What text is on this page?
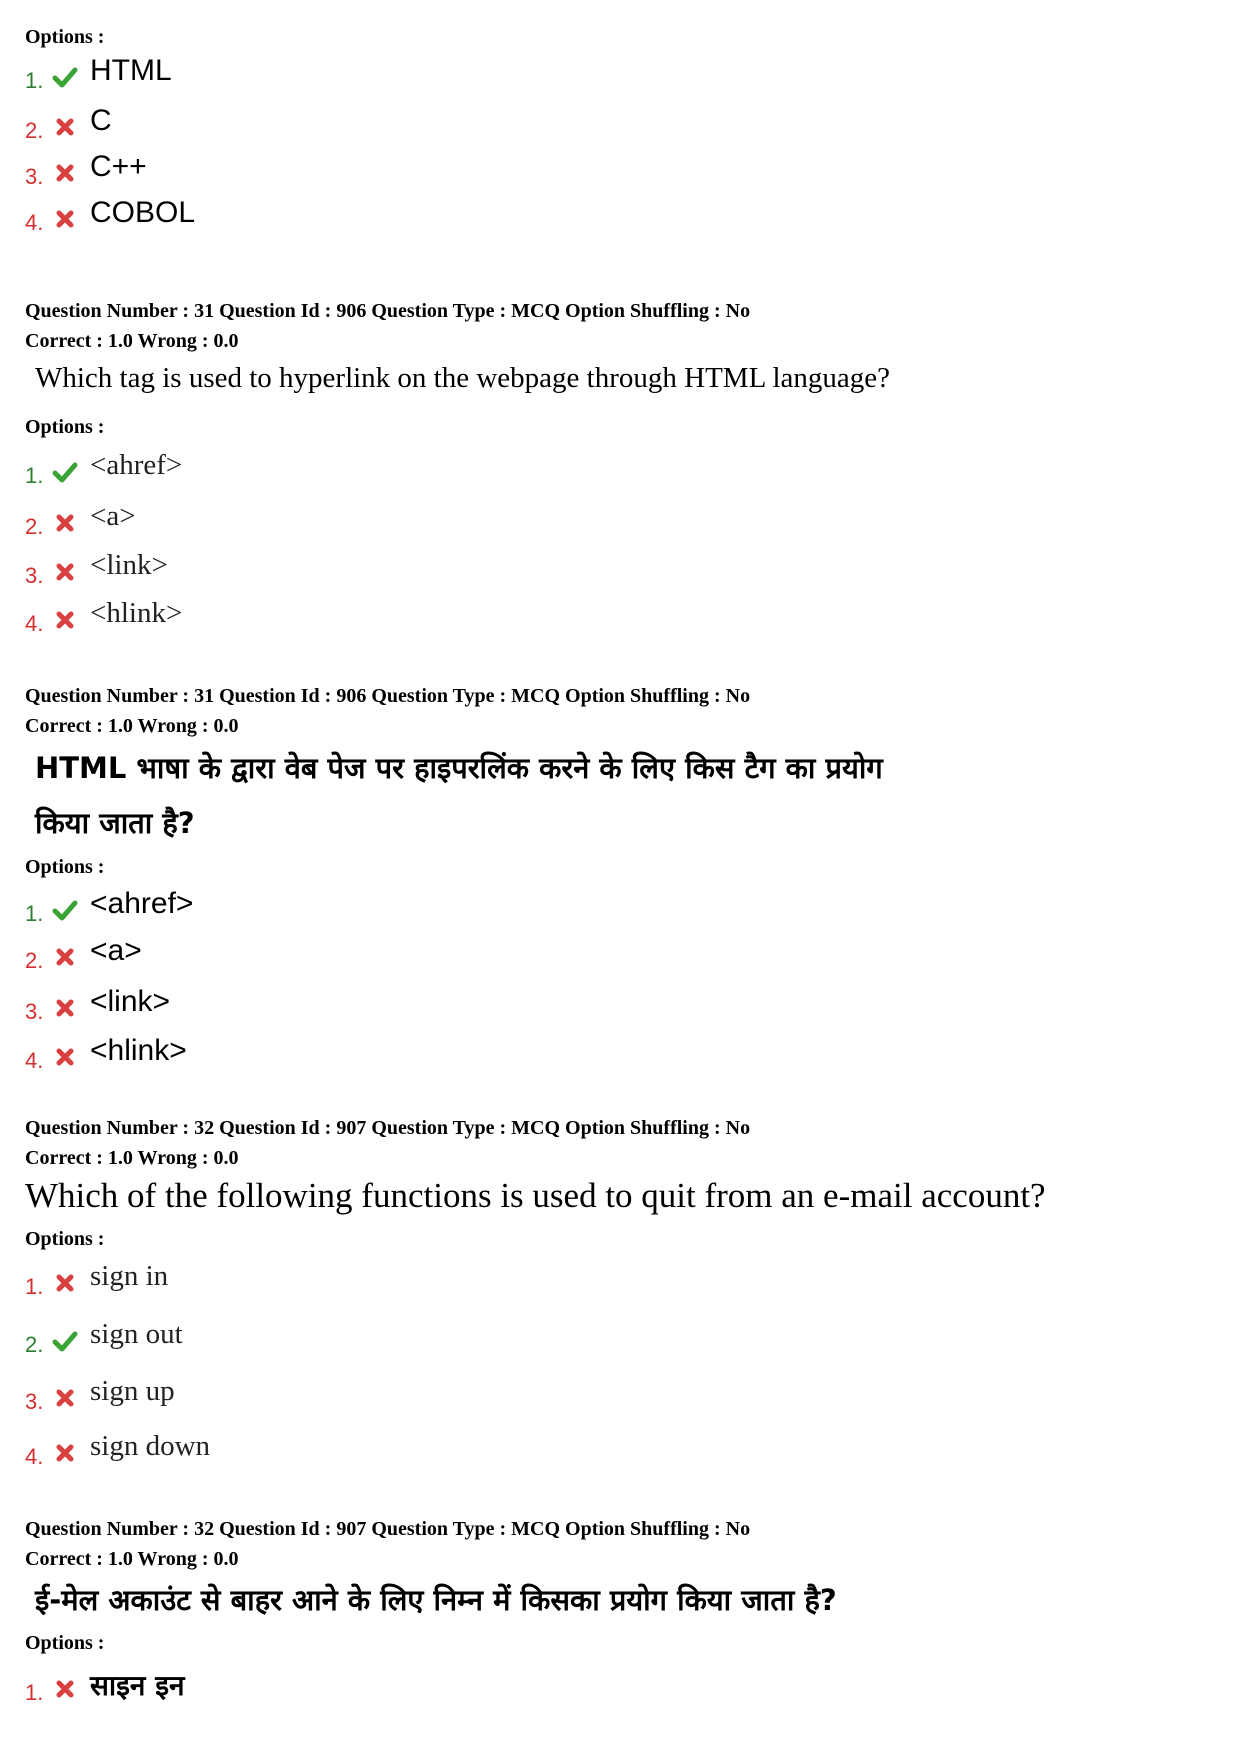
Options :
1. HTML
2. C
3. C++
4. COBOL
Question Number : 31 Question Id : 906 Question Type : MCQ Option Shuffling : No
Correct : 1.0 Wrong : 0.0
Which tag is used to hyperlink on the webpage through HTML language?
Options :
1. <ahref>
2. <a>
3. <link>
4. <hlink>
Question Number : 31 Question Id : 906 Question Type : MCQ Option Shuffling : No
Correct : 1.0 Wrong : 0.0
HTML भाषा के द्वारा वेब पेज पर हाइपरलिंक करने के लिए किस टैग का प्रयोग
किया जाता है?
Options :
1. <ahref>
2. <a>
3. <link>
4. <hlink>
Question Number : 32 Question Id : 907 Question Type : MCQ Option Shuffling : No
Correct : 1.0 Wrong : 0.0
Which of the following functions is used to quit from an e-mail account?
Options :
1. sign in
2. sign out
3. sign up
4. sign down
Question Number : 32 Question Id : 907 Question Type : MCQ Option Shuffling : No
Correct : 1.0 Wrong : 0.0
ई-मेल अकाउंट से बाहर आने के लिए निम्न में किसका प्रयोग किया जाता है?
Options :
1. साइन इन
